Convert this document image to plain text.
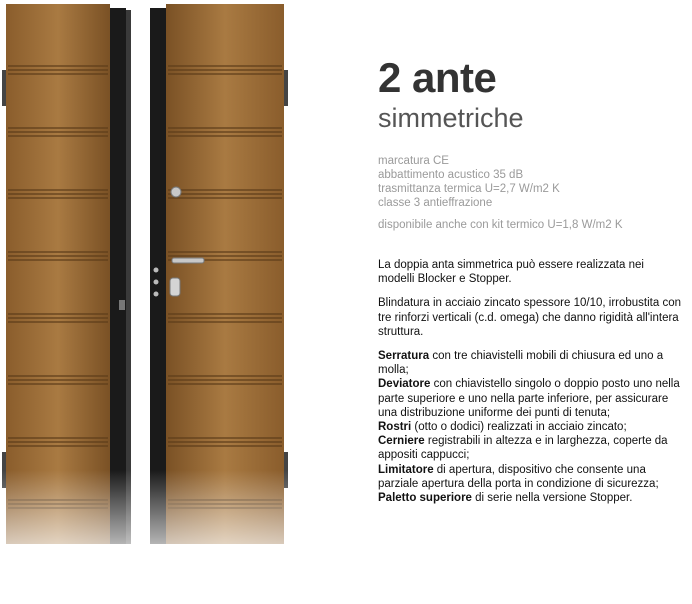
2 ante
simmetriche
marcatura CE
abbattimento acustico 35 dB
trasmittanza termica U=2,7 W/m2 K
classe 3 antieffrazione
disponibile anche con kit termico U=1,8 W/m2 K

La doppia anta simmetrica può essere realizzata nei modelli Blocker e Stopper.

Blindatura in acciaio zincato spessore 10/10, irrobustita con tre rinforzi verticali (c.d. omega) che danno rigidità all'intera struttura.

Serratura con tre chiavistelli mobili di chiusura ed uno a molla;
Deviatore con chiavistello singolo o doppio posto uno nella parte superiore e uno nella parte inferiore, per assicurare una distribuzione uniforme dei punti di tenuta;
Rostri (otto o dodici) realizzati in acciaio zincato;
Cerniere registrabili in altezza e in larghezza, coperte da appositi cappucci;
Limitatore di apertura, dispositivo che consente una parziale apertura della porta in condizione di sicurezza;
Paletto superiore di serie nella versione Stopper.
